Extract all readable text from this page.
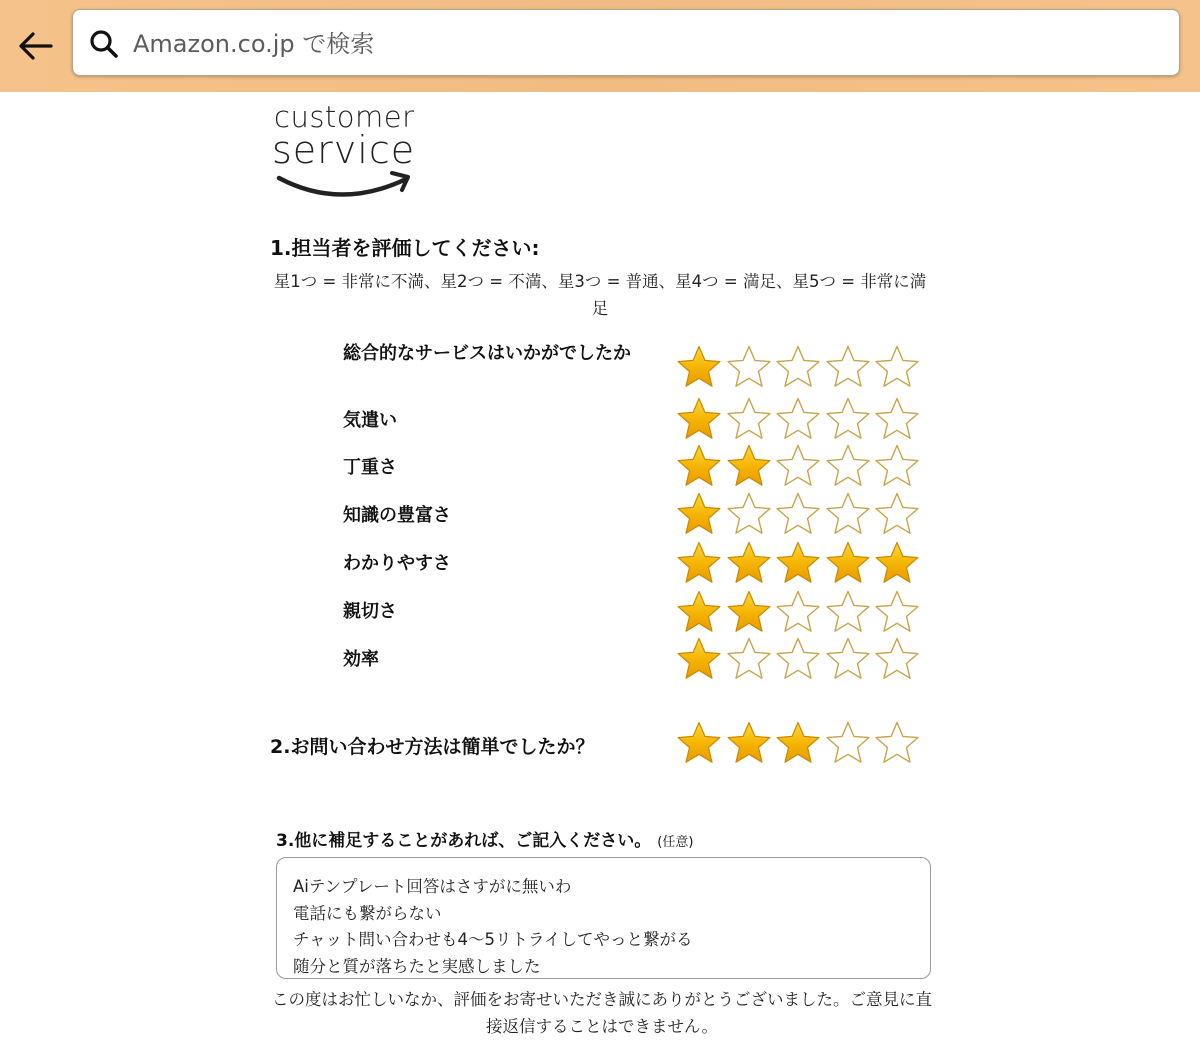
Amazon.co.jp で検索
customer
service
1.担当者を評価してください:
星1つ = 非常に不満、星2つ = 不満、星3つ = 普通、星4つ = 満足、星5つ = 非常に満足
総合的なサービスはいかがでしたか
気遣い
丁重さ
知識の豊富さ
わかりやすさ
親切さ
効率
2.お問い合わせ方法は簡単でしたか？
3.他に補足することがあれば、ご記入ください。 (任意)
Aiテンプレート回答はさすがに無いわ
電話にも繋がらない
チャット問い合わせも4〜5リトライしてやっと繋がる
随分と質が落ちたと実感しました
この度はお忙しいなか、評価をお寄せいただき誠にありがとうございました。ご意見に直接返信することはできません。
